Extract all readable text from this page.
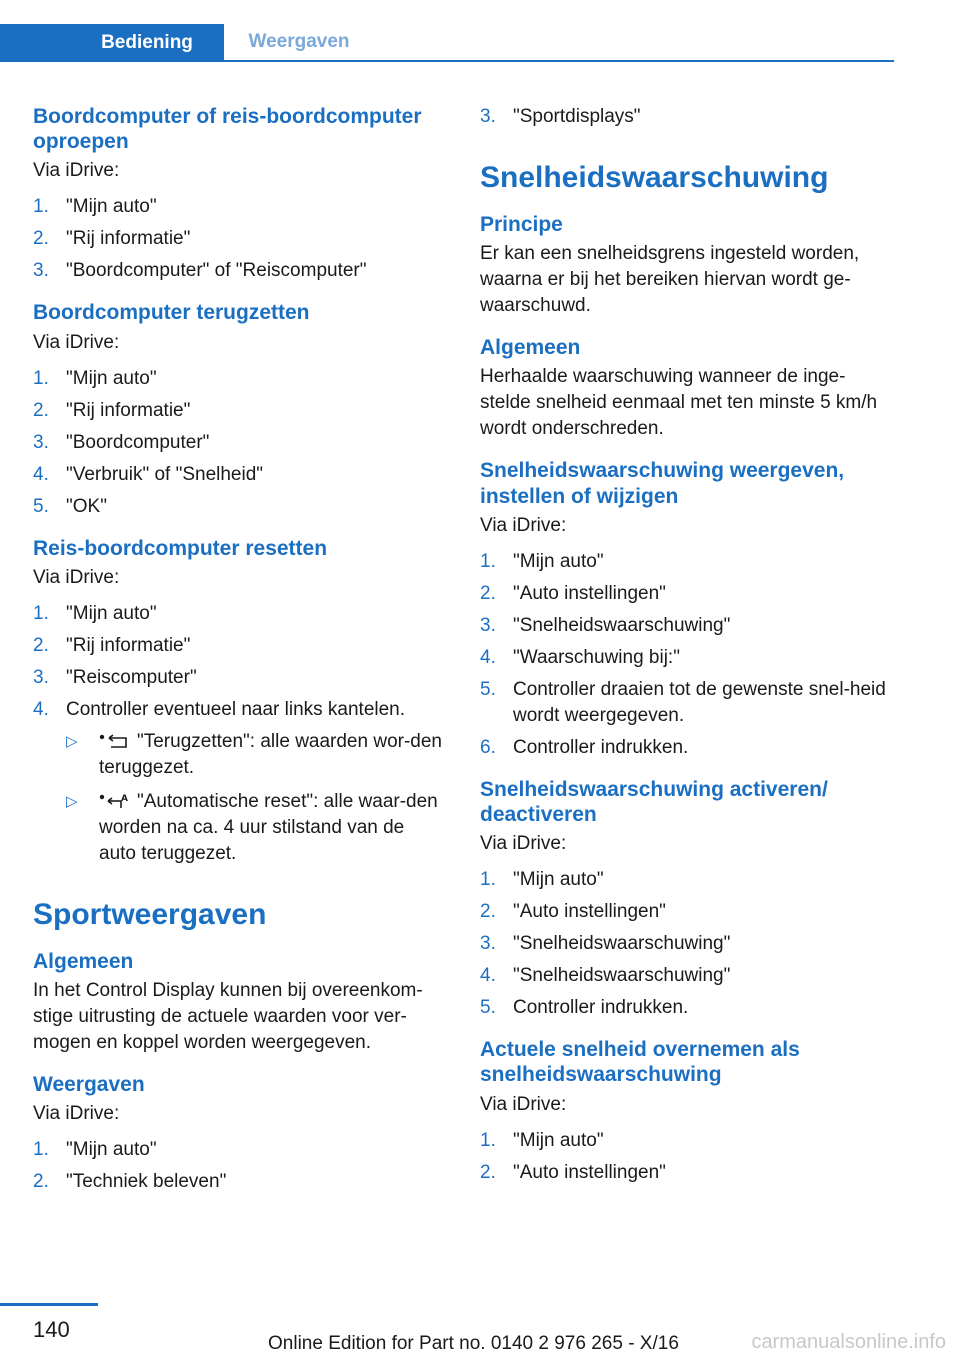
Bediening	Weergaven
Boordcomputer of reis-boordcomputer oproepen

Via iDrive:

1. "Mijn auto"
2. "Rij informatie"
3. "Boordcomputer" of "Reiscomputer"
Boordcomputer terugzetten

Via iDrive:

1. "Mijn auto"
2. "Rij informatie"
3. "Boordcomputer"
4. "Verbruik" of "Snelheid"
5. "OK"
Reis-boordcomputer resetten

Via iDrive:

1. "Mijn auto"
2. "Rij informatie"
3. "Reiscomputer"
4. Controller eventueel naar links kantelen.
▷	"Terugzetten": alle waarden wor-den teruggezet.
▷	A "Automatische reset": alle waar-den worden na ca. 4 uur stilstand van de auto teruggezet.
Sportweergaven
Algemeen

In het Control Display kunnen bij overeenkom-stige uitrusting de actuele waarden voor ver-mogen en koppel worden weergegeven.

Weergaven

Via iDrive:

1. "Mijn auto"
2. "Techniek beleven"
3. "Sportdisplays"
Snelheidswaarschuwing
Principe

Er kan een snelheidsgrens ingesteld worden, waarna er bij het bereiken hiervan wordt ge-waarschuwd.

Algemeen

Herhaalde waarschuwing wanneer de inge-stelde snelheid eenmaal met ten minste 5 km/h wordt onderschreden.

Snelheidswaarschuwing weergeven, instellen of wijzigen

Via iDrive:

1. "Mijn auto"
2. "Auto instellingen"
3. "Snelheidswaarschuwing"
4. "Waarschuwing bij:"
5. Controller draaien tot de gewenste snel-heid wordt weergegeven.
6. Controller indrukken.
Snelheidswaarschuwing activeren/ deactiveren

Via iDrive:

1. "Mijn auto"
2. "Auto instellingen"
3. "Snelheidswaarschuwing"
4. "Snelheidswaarschuwing"
5. Controller indrukken.
Actuele snelheid overnemen als snelheidswaarschuwing

Via iDrive:

1. "Mijn auto"
2. "Auto instellingen"
140
Online Edition for Part no. 0140 2 976 265 - X/16	carmanualsonline.info
